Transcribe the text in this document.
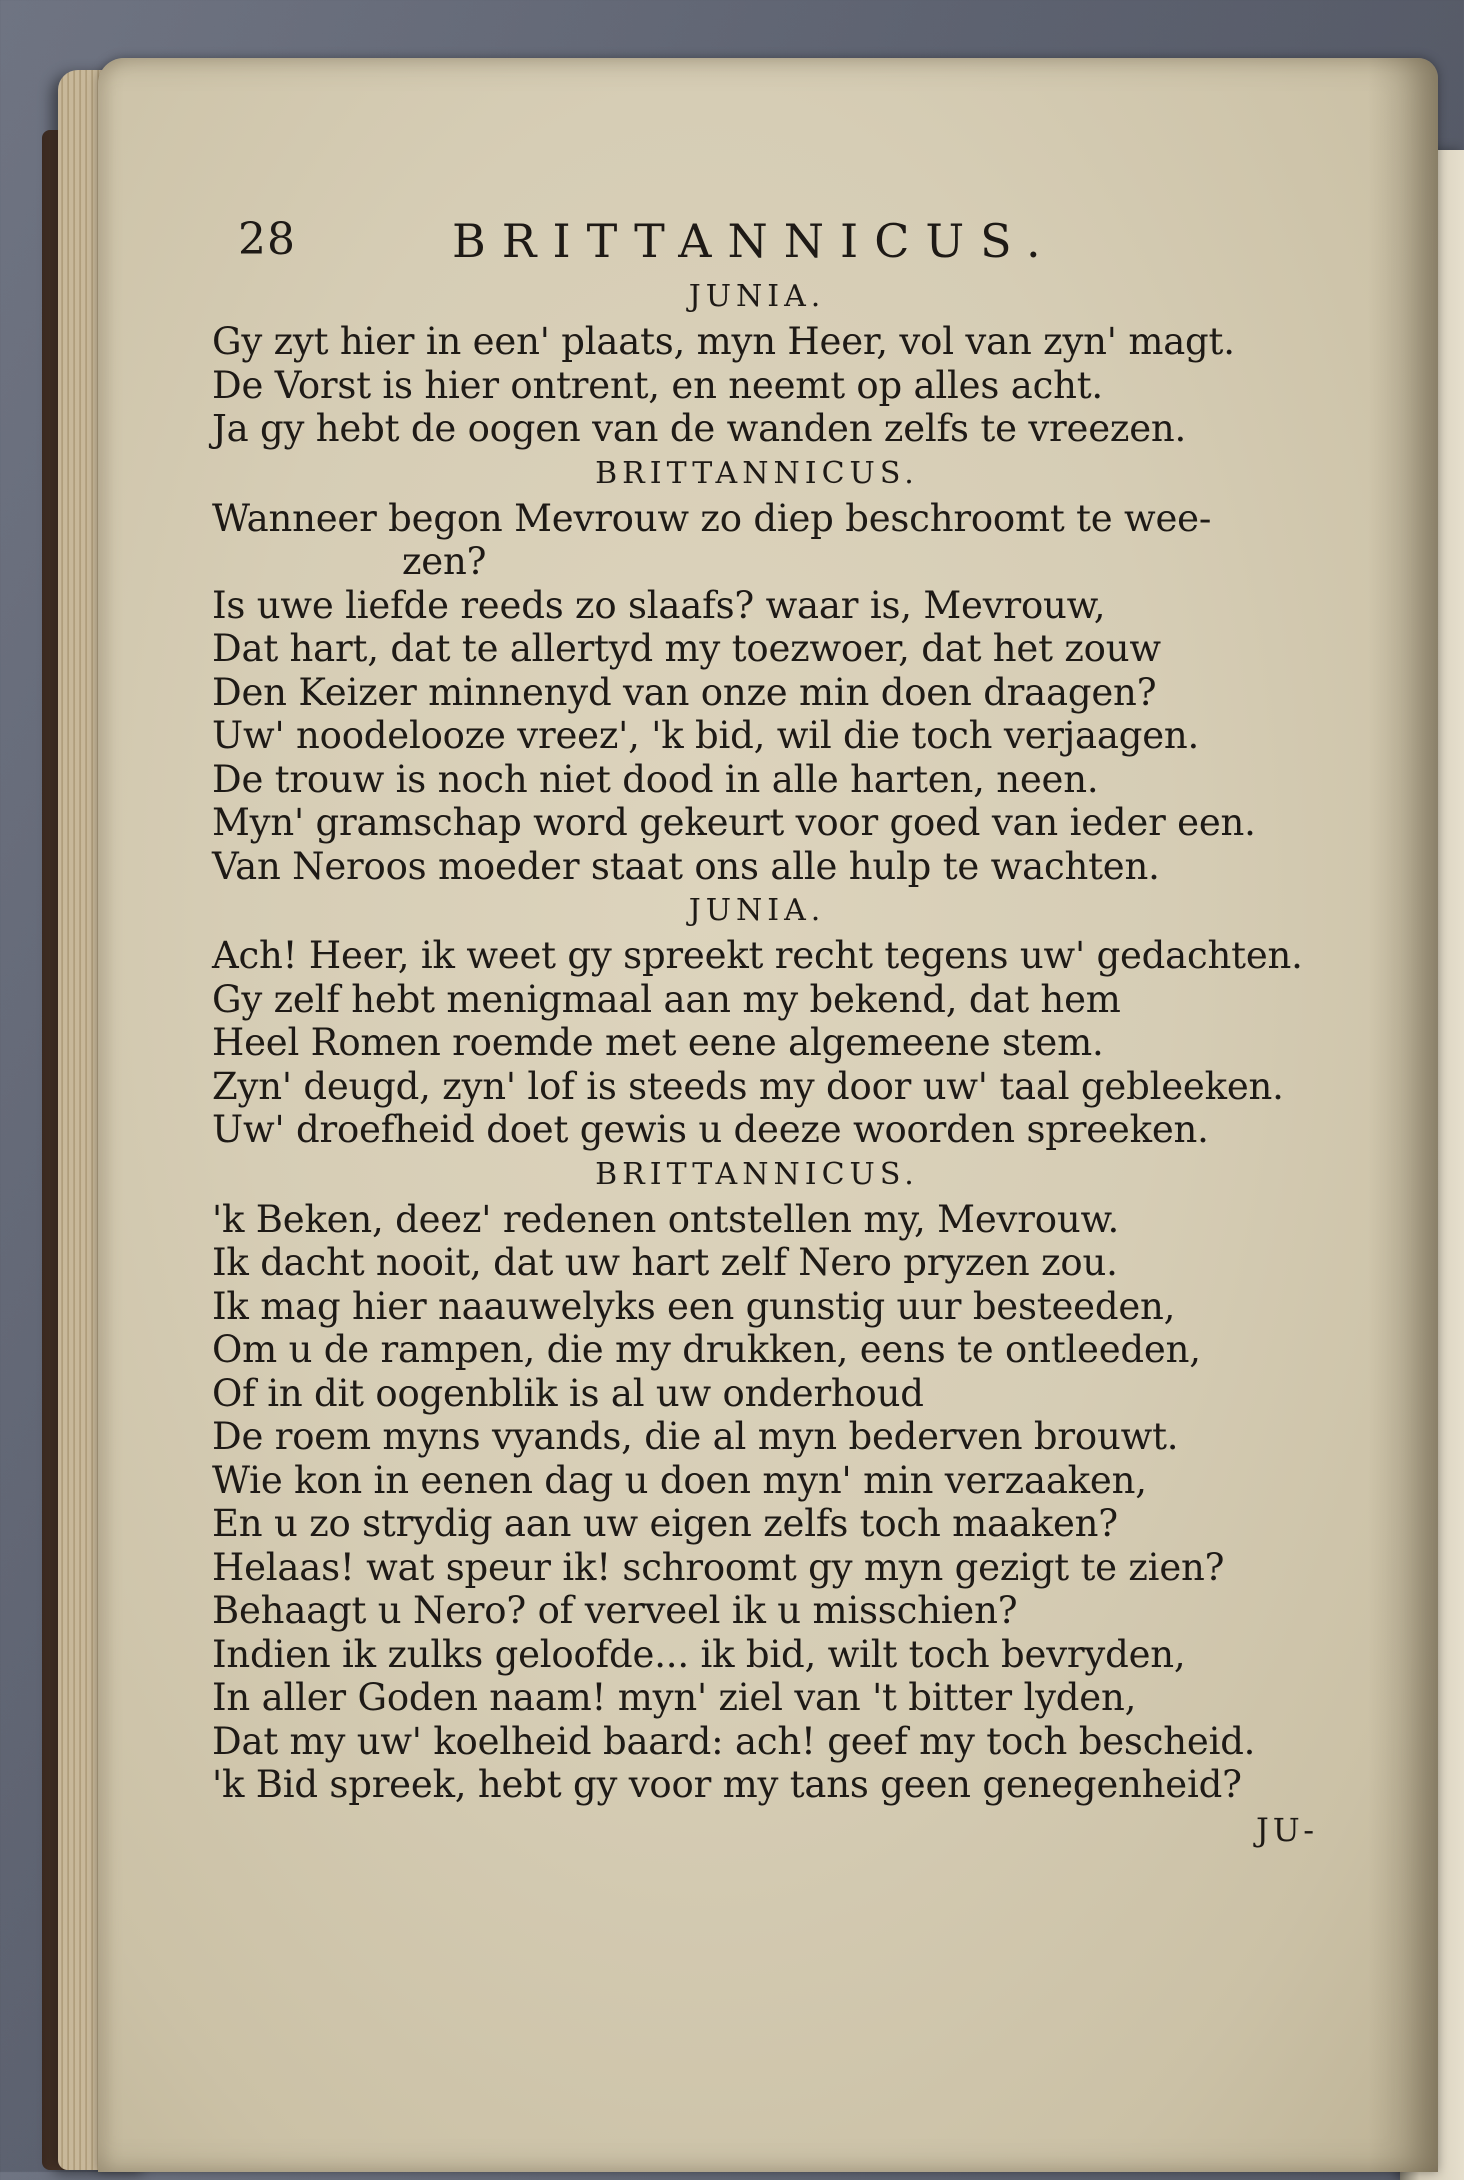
28	BRITTANNICUS.
JUNIA.
Gy zyt hier in een' plaats, myn Heer, vol van zyn' magt.
De Vorst is hier ontrent, en neemt op alles acht.
Ja gy hebt de oogen van de wanden zelfs te vreezen.
BRITTANNICUS.
Wanneer begon Mevrouw zo diep beschroomt te wee-
zen?
Is uwe liefde reeds zo slaafs? waar is, Mevrouw,
Dat hart, dat te allertyd my toezwoer, dat het zouw
Den Keizer minnenyd van onze min doen draagen?
Uw' noodelooze vreez', 'k bid, wil die toch verjaagen.
De trouw is noch niet dood in alle harten, neen.
Myn' gramschap word gekeurt voor goed van ieder een.
Van Neroos moeder staat ons alle hulp te wachten.
JUNIA.
Ach! Heer, ik weet gy spreekt recht tegens uw' gedachten.
Gy zelf hebt menigmaal aan my bekend, dat hem
Heel Romen roemde met eene algemeene stem.
Zyn' deugd, zyn' lof is steeds my door uw' taal gebleeken.
Uw' droefheid doet gewis u deeze woorden spreeken.
BRITTANNICUS.
'k Beken, deez' redenen ontstellen my, Mevrouw.
Ik dacht nooit, dat uw hart zelf Nero pryzen zou.
Ik mag hier naauwelyks een gunstig uur besteeden,
Om u de rampen, die my drukken, eens te ontleeden,
Of in dit oogenblik is al uw onderhoud
De roem myns vyands, die al myn bederven brouwt.
Wie kon in eenen dag u doen myn' min verzaaken,
En u zo strydig aan uw eigen zelfs toch maaken?
Helaas! wat speur ik! schroomt gy myn gezigt te zien?
Behaagt u Nero? of verveel ik u misschien?
Indien ik zulks geloofde... ik bid, wilt toch bevryden,
In aller Goden naam! myn' ziel van 't bitter lyden,
Dat my uw' koelheid baard: ach! geef my toch bescheid.
'k Bid spreek, hebt gy voor my tans geen genegenheid?
JU-
